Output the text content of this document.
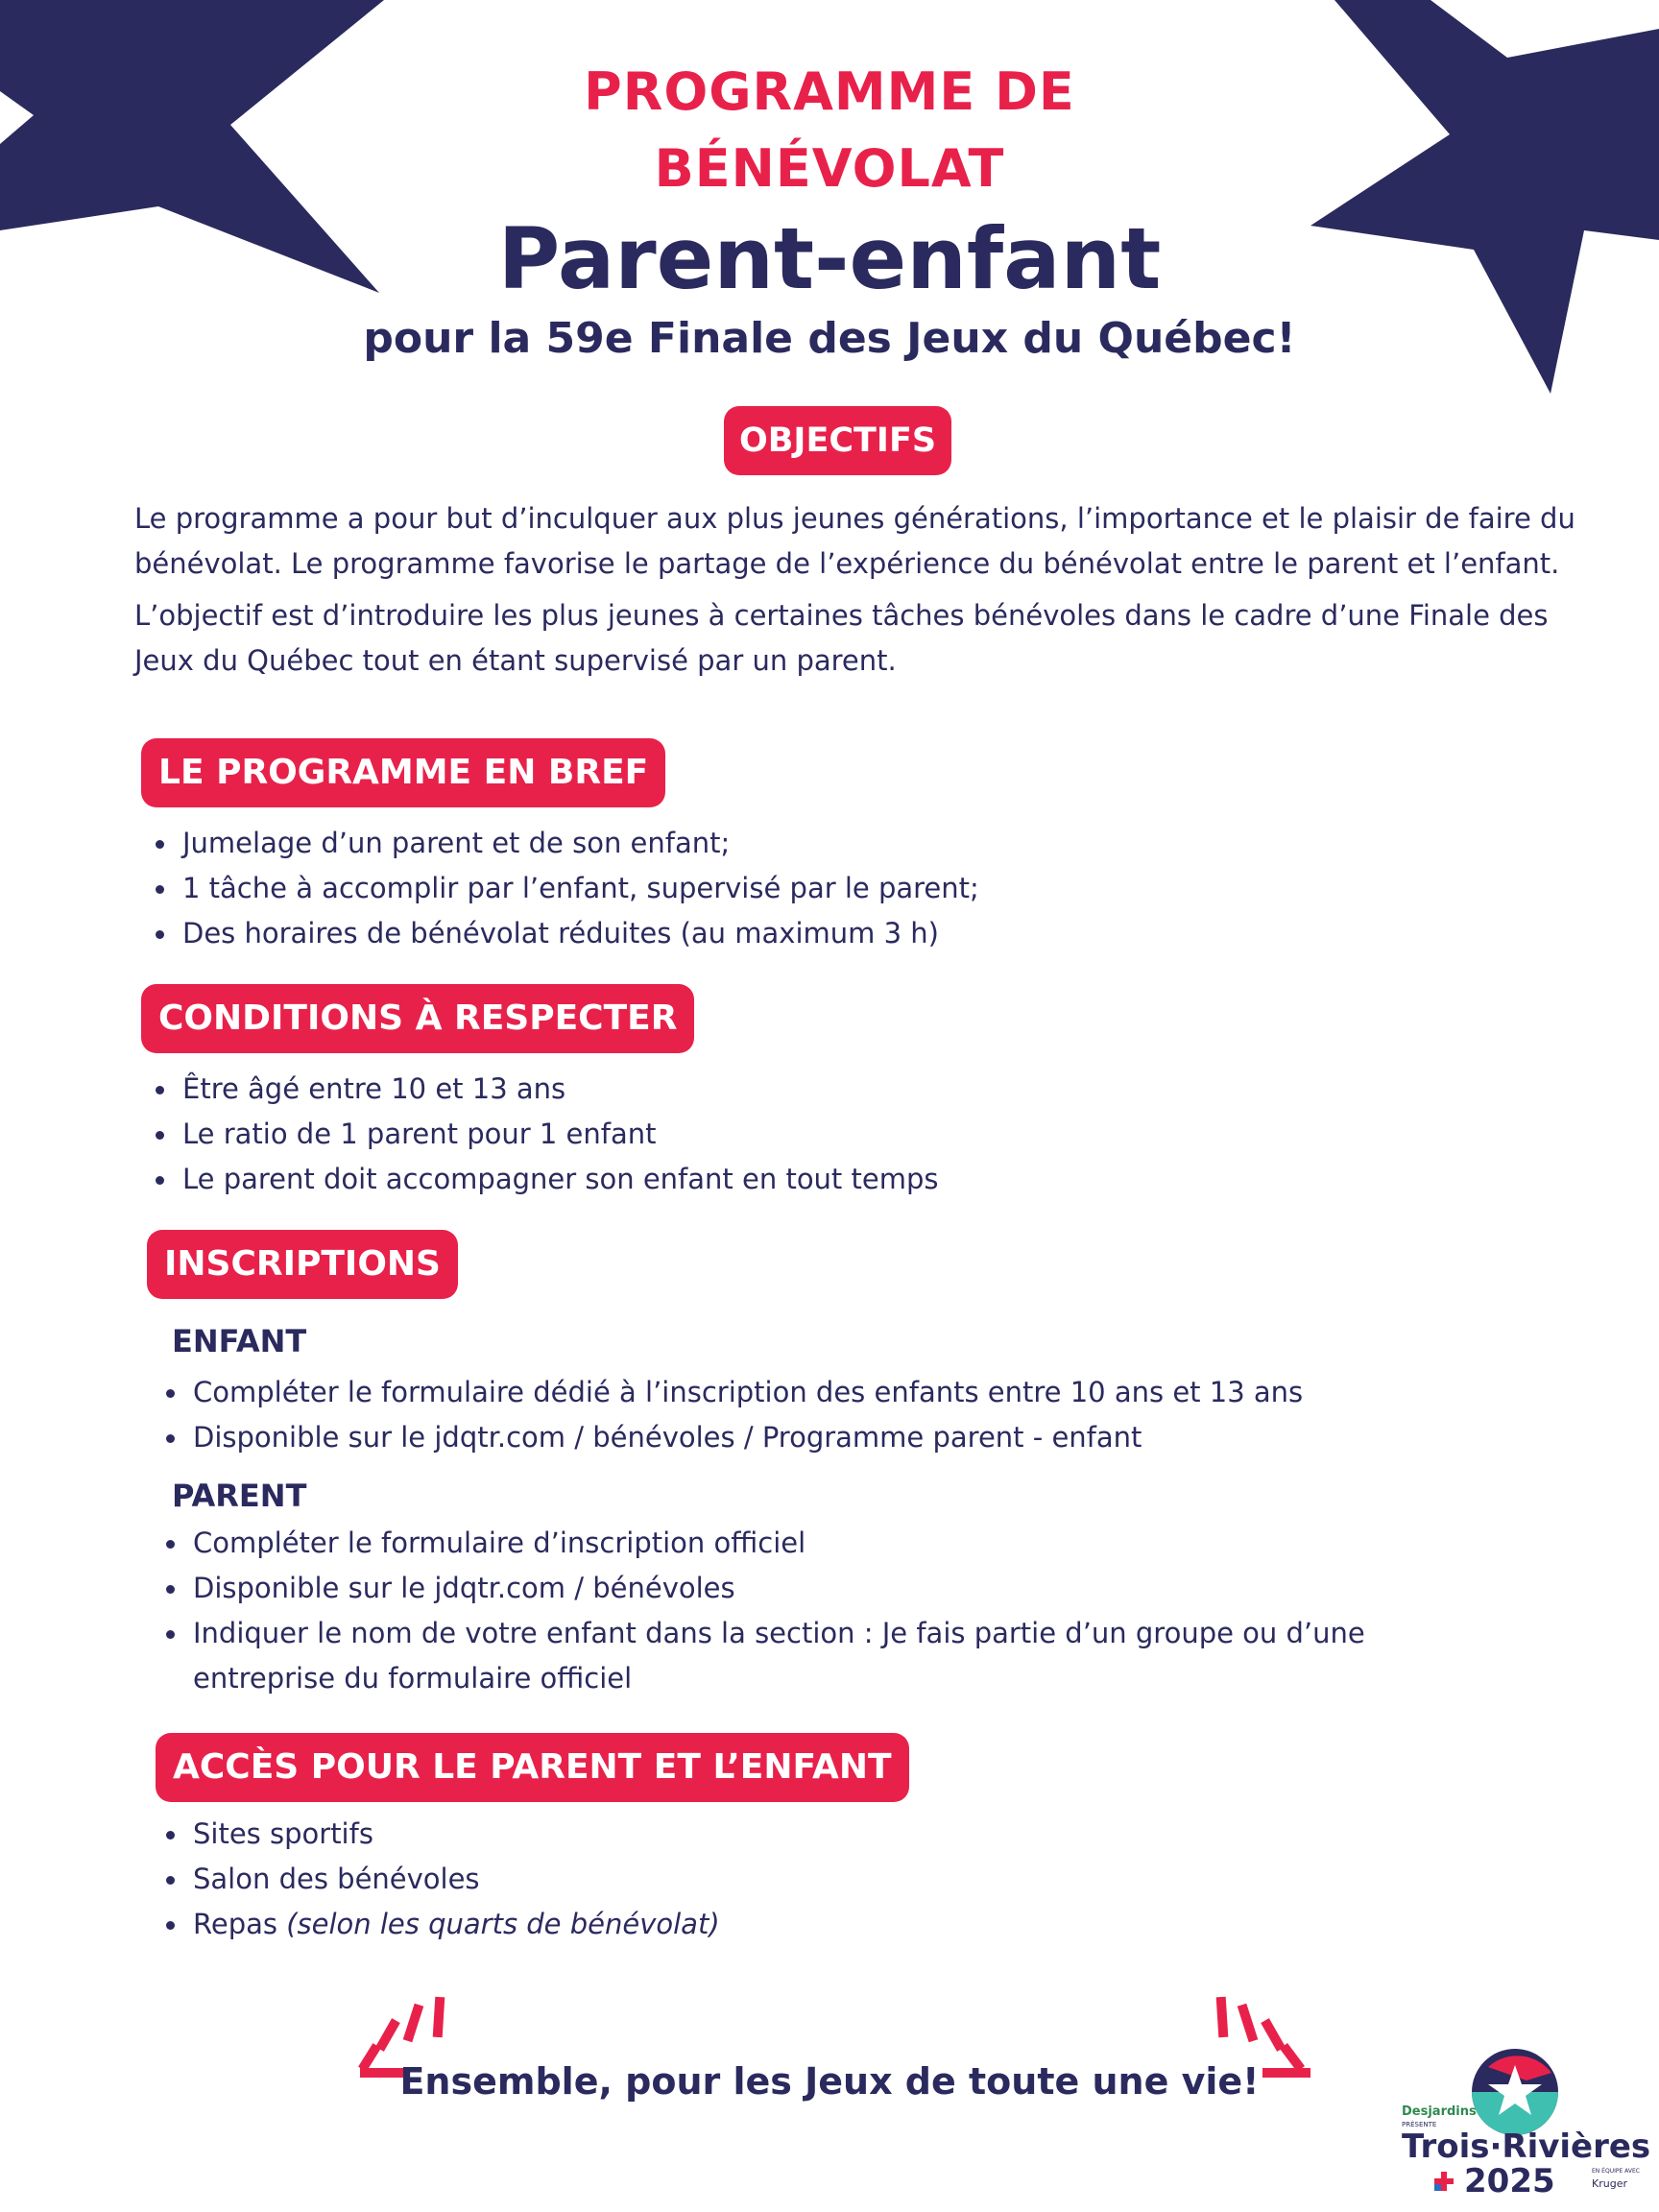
PROGRAMME DE
BÉNÉVOLAT
Parent-enfant
pour la 59e Finale des Jeux du Québec!
OBJECTIFS
Le programme a pour but d’inculquer aux plus jeunes générations, l’importance et le plaisir de faire du bénévolat. Le programme favorise le partage de l’expérience du bénévolat entre le parent et l’enfant.
L’objectif est d’introduire les plus jeunes à certaines tâches bénévoles dans le cadre d’une Finale des Jeux du Québec tout en étant supervisé par un parent.
LE PROGRAMME EN BREF
Jumelage d’un parent et de son enfant;
1 tâche à accomplir par l’enfant, supervisé par le parent;
Des horaires de bénévolat réduites (au maximum 3 h)
CONDITIONS À RESPECTER
Être âgé entre 10 et 13 ans
Le ratio de 1 parent pour 1 enfant
Le parent doit accompagner son enfant en tout temps
INSCRIPTIONS
ENFANT
Compléter le formulaire dédié à l’inscription des enfants entre 10 ans et 13 ans
Disponible sur le jdqtr.com / bénévoles / Programme parent - enfant
PARENT
Compléter le formulaire d’inscription officiel
Disponible sur le jdqtr.com / bénévoles
Indiquer le nom de votre enfant dans la section : Je fais partie d’un groupe ou d’une entreprise du formulaire officiel
ACCÈS POUR LE PARENT ET L’ENFANT
Sites sportifs
Salon des bénévoles
Repas (selon les quarts de bénévolat)
Ensemble, pour les Jeux de toute une vie!
Desjardins
PRÉSENTE
Trois·Rivières
2025	EN ÉQUIPE AVEC
Kruger
